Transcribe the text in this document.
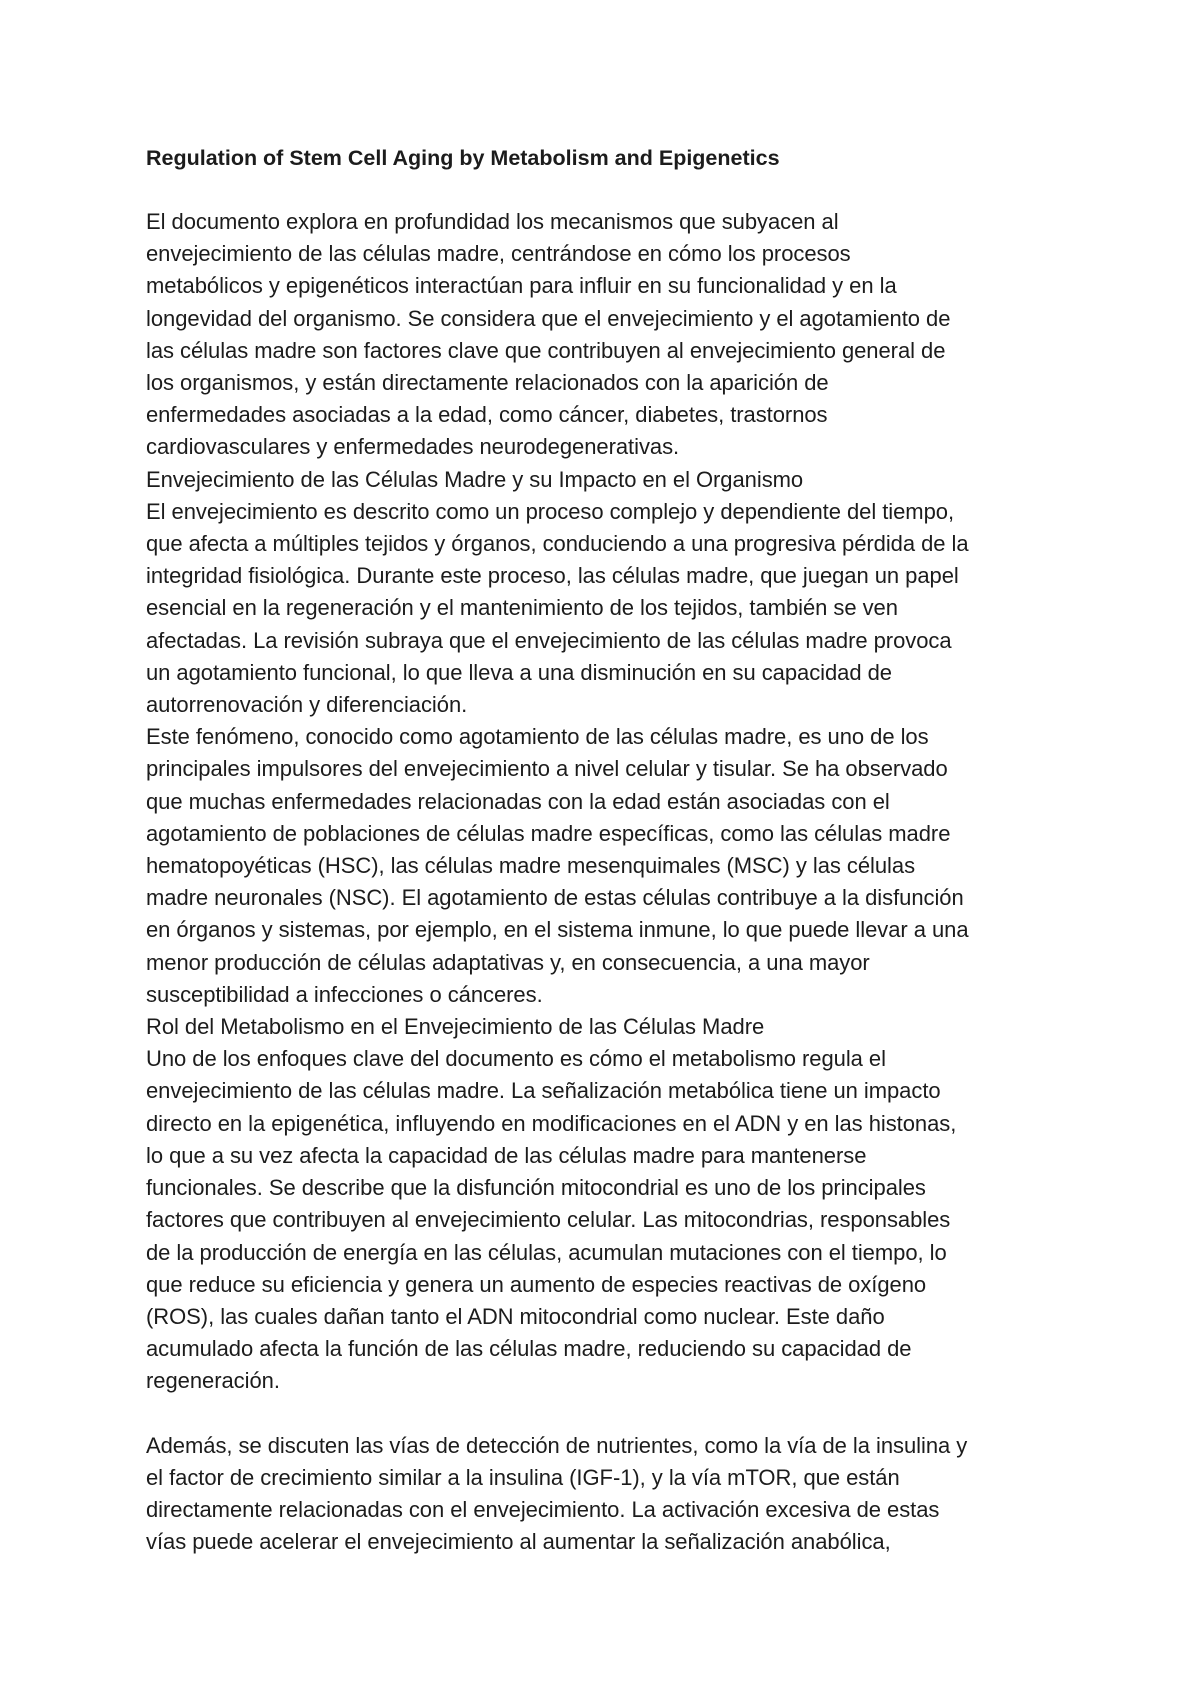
Regulation of Stem Cell Aging by Metabolism and Epigenetics
El documento explora en profundidad los mecanismos que subyacen al
envejecimiento de las células madre, centrándose en cómo los procesos
metabólicos y epigenéticos interactúan para influir en su funcionalidad y en la
longevidad del organismo. Se considera que el envejecimiento y el agotamiento de
las células madre son factores clave que contribuyen al envejecimiento general de
los organismos, y están directamente relacionados con la aparición de
enfermedades asociadas a la edad, como cáncer, diabetes, trastornos
cardiovasculares y enfermedades neurodegenerativas.
Envejecimiento de las Células Madre y su Impacto en el Organismo
El envejecimiento es descrito como un proceso complejo y dependiente del tiempo,
que afecta a múltiples tejidos y órganos, conduciendo a una progresiva pérdida de la
integridad fisiológica. Durante este proceso, las células madre, que juegan un papel
esencial en la regeneración y el mantenimiento de los tejidos, también se ven
afectadas. La revisión subraya que el envejecimiento de las células madre provoca
un agotamiento funcional, lo que lleva a una disminución en su capacidad de
autorrenovación y diferenciación.
Este fenómeno, conocido como agotamiento de las células madre, es uno de los
principales impulsores del envejecimiento a nivel celular y tisular. Se ha observado
que muchas enfermedades relacionadas con la edad están asociadas con el
agotamiento de poblaciones de células madre específicas, como las células madre
hematopoyéticas (HSC), las células madre mesenquimales (MSC) y las células
madre neuronales (NSC). El agotamiento de estas células contribuye a la disfunción
en órganos y sistemas, por ejemplo, en el sistema inmune, lo que puede llevar a una
menor producción de células adaptativas y, en consecuencia, a una mayor
susceptibilidad a infecciones o cánceres.
Rol del Metabolismo en el Envejecimiento de las Células Madre
Uno de los enfoques clave del documento es cómo el metabolismo regula el
envejecimiento de las células madre. La señalización metabólica tiene un impacto
directo en la epigenética, influyendo en modificaciones en el ADN y en las histonas,
lo que a su vez afecta la capacidad de las células madre para mantenerse
funcionales. Se describe que la disfunción mitocondrial es uno de los principales
factores que contribuyen al envejecimiento celular. Las mitocondrias, responsables
de la producción de energía en las células, acumulan mutaciones con el tiempo, lo
que reduce su eficiencia y genera un aumento de especies reactivas de oxígeno
(ROS), las cuales dañan tanto el ADN mitocondrial como nuclear. Este daño
acumulado afecta la función de las células madre, reduciendo su capacidad de
regeneración.
Además, se discuten las vías de detección de nutrientes, como la vía de la insulina y
el factor de crecimiento similar a la insulina (IGF-1), y la vía mTOR, que están
directamente relacionadas con el envejecimiento. La activación excesiva de estas
vías puede acelerar el envejecimiento al aumentar la señalización anabólica,
